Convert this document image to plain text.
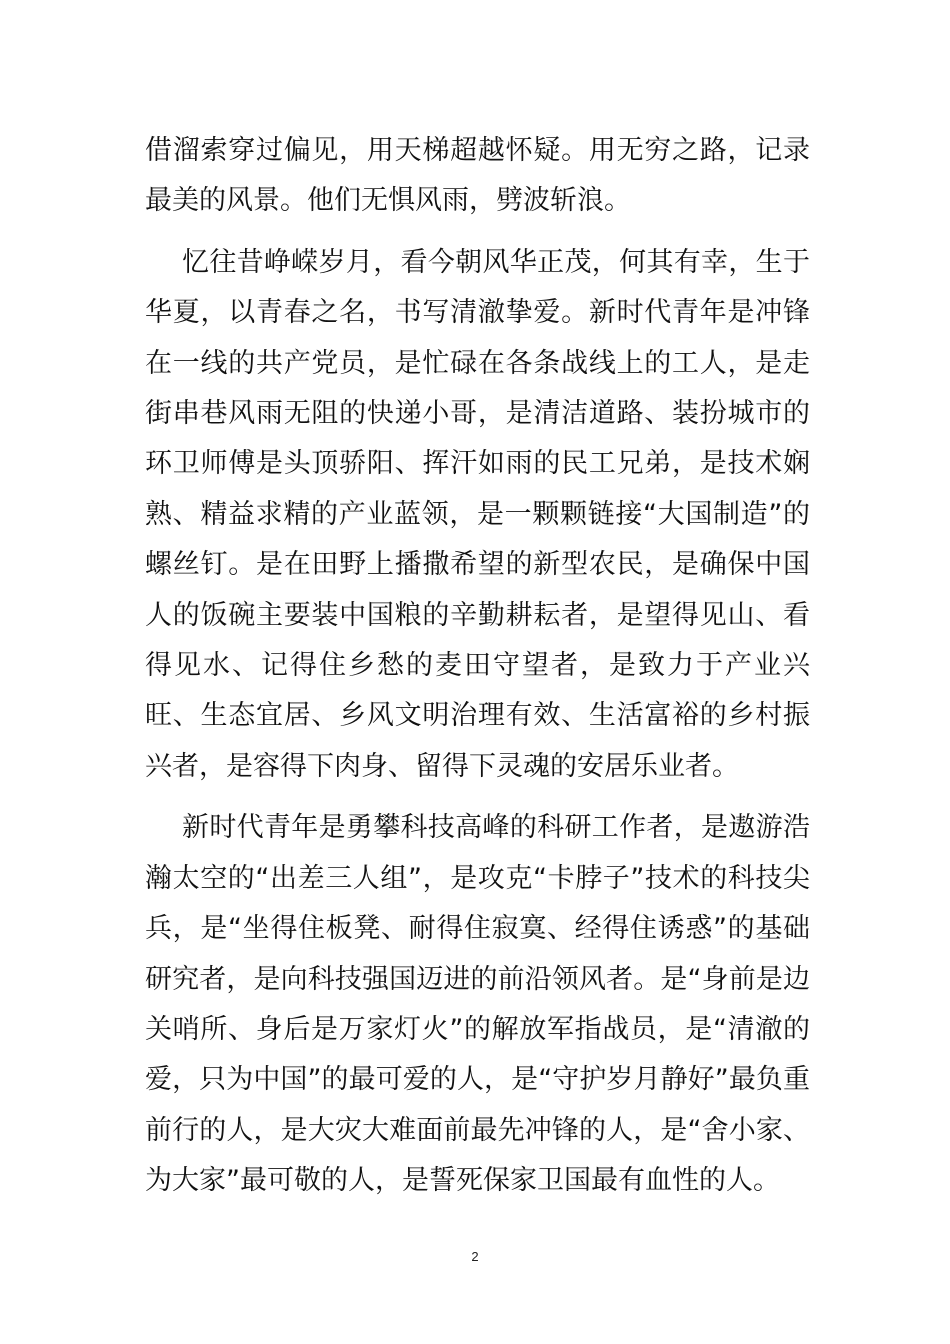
借溜索穿过偏见，用天梯超越怀疑。用无穷之路，记录最美的风景。他们无惧风雨，劈波斩浪。

忆往昔峥嵘岁月，看今朝风华正茂，何其有幸，生于华夏，以青春之名，书写清澈挚爱。新时代青年是冲锋在一线的共产党员，是忙碌在各条战线上的工人，是走街串巷风雨无阻的快递小哥，是清洁道路、装扮城市的环卫师傅是头顶骄阳、挥汗如雨的民工兄弟，是技术娴熟、精益求精的产业蓝领，是一颗颗链接“大国制造”的螺丝钉。是在田野上播撒希望的新型农民，是确保中国人的饭碗主要装中国粮的辛勤耕耘者，是望得见山、看得见水、记得住乡愁的麦田守望者，是致力于产业兴旺、生态宜居、乡风文明治理有效、生活富裕的乡村振兴者，是容得下肉身、留得下灵魂的安居乐业者。

新时代青年是勇攀科技高峰的科研工作者，是遨游浩瀚太空的“出差三人组”，是攻克“卡脖子”技术的科技尖兵，是“坐得住板凳、耐得住寂寞、经得住诱惑”的基础研究者，是向科技强国迈进的前沿领风者。是“身前是边关哨所、身后是万家灯火”的解放军指战员，是“清澈的爱，只为中国”的最可爱的人，是“守护岁月静好”最负重前行的人，是大灾大难面前最先冲锋的人，是“舍小家、为大家”最可敬的人，是誓死保家卫国最有血性的人。

2
